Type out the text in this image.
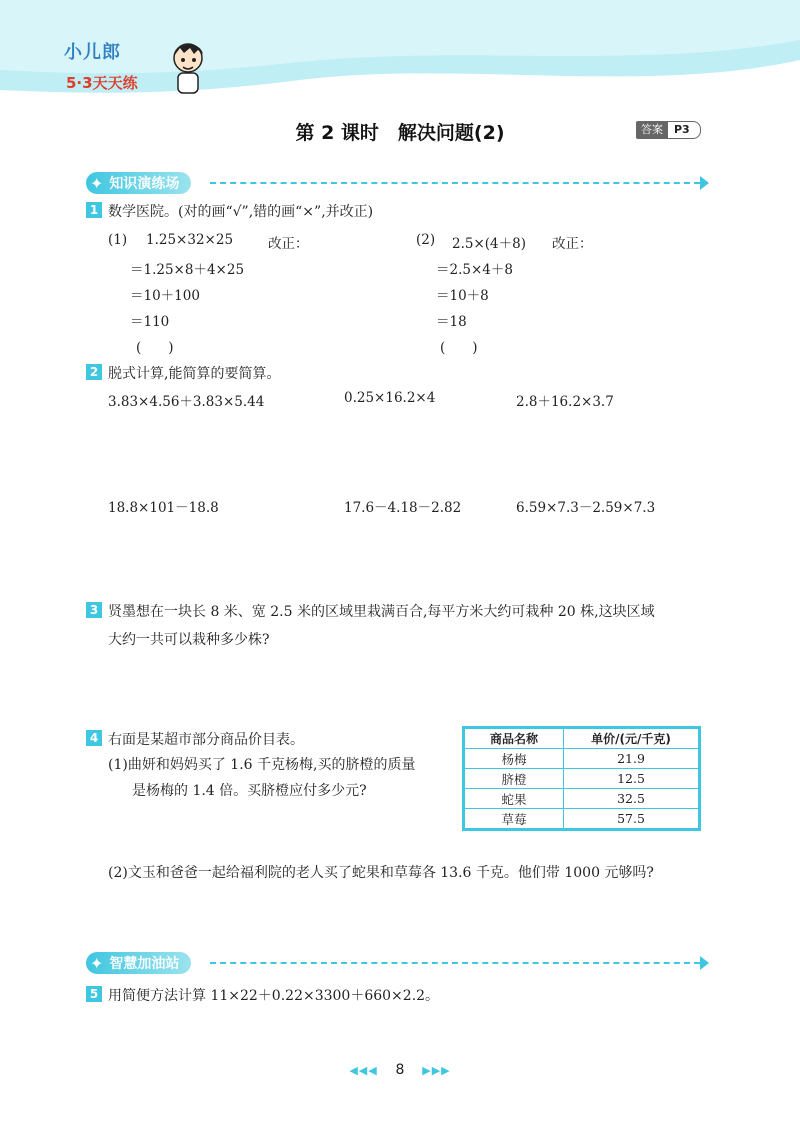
小儿郎
5·3天天练
第 2 课时　解决问题(2)	答案	P3
✦ 知识演练场
1 数学医院。(对的画“√”,错的画“×”,并改正)
(1) 1.25×32×25	改正：
＝1.25×8＋4×25
＝10＋100
＝110
(　　)
(2) 2.5×(4＋8) 改正：
＝2.5×4＋8
＝10＋8
＝18
(　　)
2 脱式计算,能简算的要简算。
3.83×4.56＋3.83×5.44	0.25×16.2×4	2.8＋16.2×3.7
18.8×101－18.8	17.6－4.18－2.82	6.59×7.3－2.59×7.3
3 贤墨想在一块长 8 米、宽 2.5 米的区域里栽满百合,每平方米大约可栽种 20 株,这块区域
大约一共可以栽种多少株?
4 右面是某超市部分商品价目表。
(1)曲妍和妈妈买了 1.6 千克杨梅,买的脐橙的质量
是杨梅的 1.4 倍。买脐橙应付多少元?
商品名称	单价/(元/千克)
杨梅	21.9
脐橙	12.5
蛇果	32.5
草莓	57.5
(2)文玉和爸爸一起给福利院的老人买了蛇果和草莓各 13.6 千克。他们带 1000 元够吗?
✦ 智慧加油站
5 用简便方法计算 11×22＋0.22×3300＋660×2.2。
◀◀◀ 8 ▶▶▶
